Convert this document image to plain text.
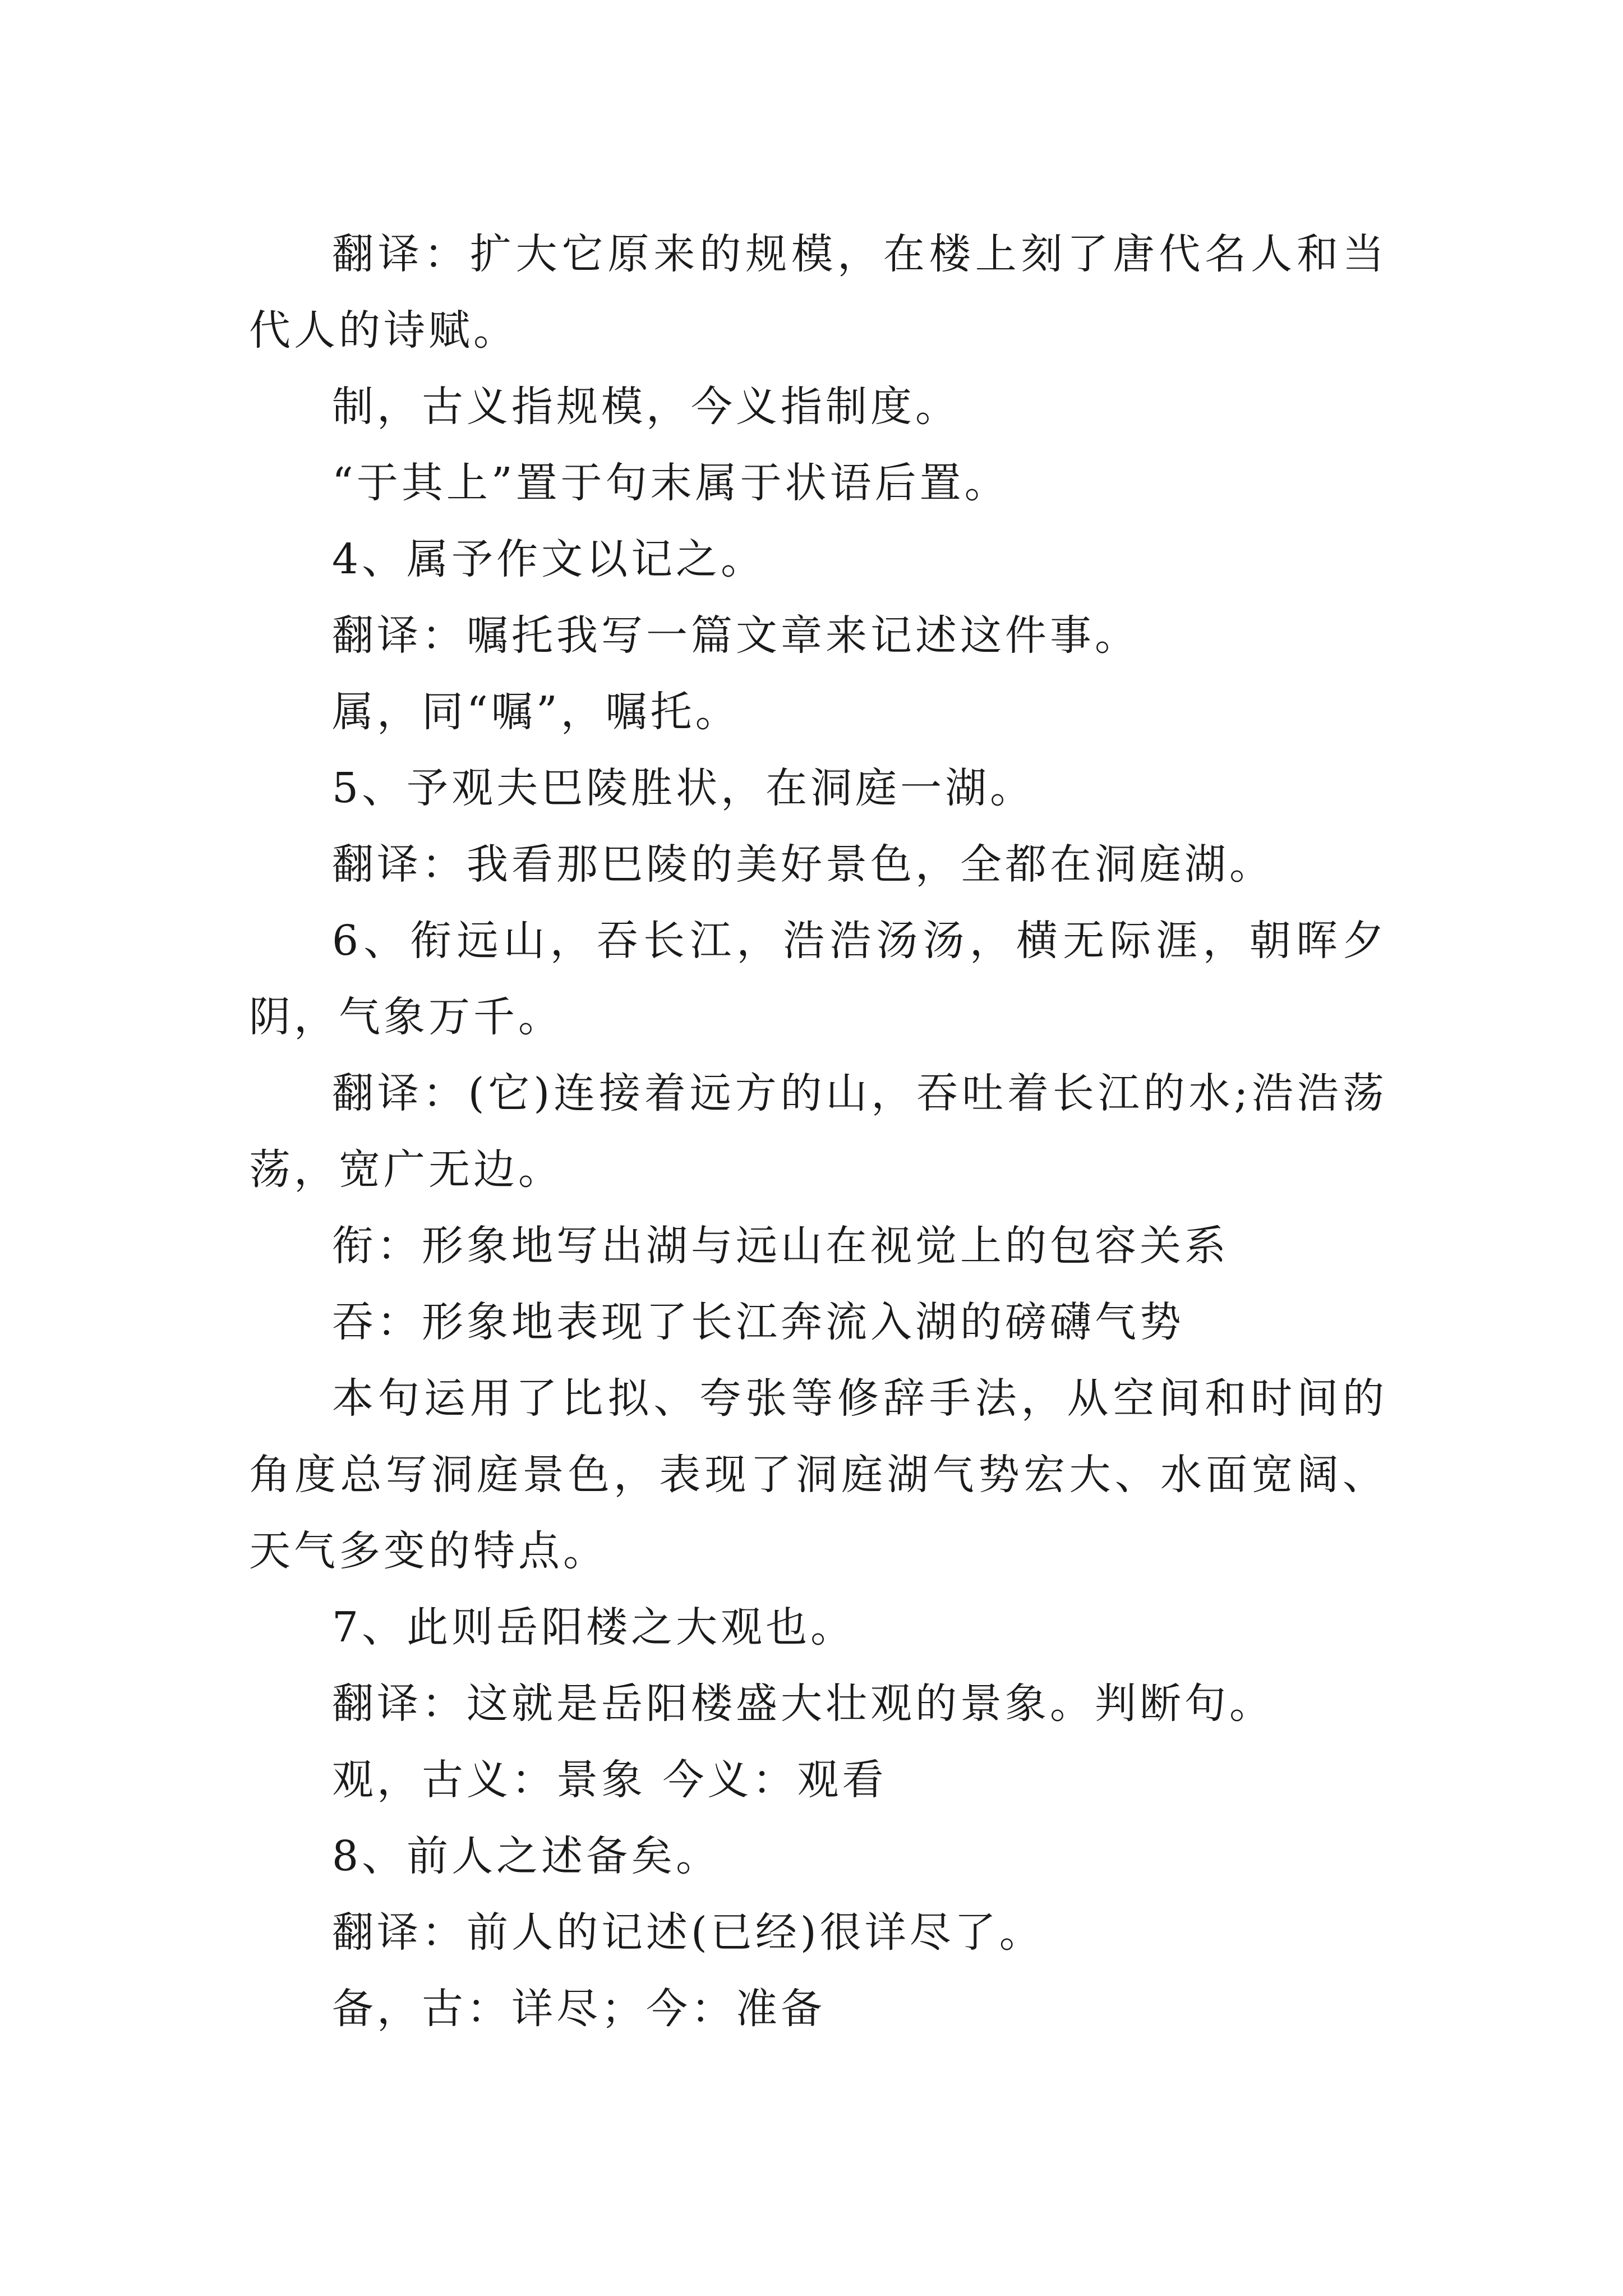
翻译：扩大它原来的规模，在楼上刻了唐代名人和当代人的诗赋。

制，古义指规模，今义指制度。

“于其上”置于句末属于状语后置。

4、属予作文以记之。

翻译：嘱托我写一篇文章来记述这件事。

属，同“嘱”，嘱托。

5、予观夫巴陵胜状，在洞庭一湖。

翻译：我看那巴陵的美好景色，全都在洞庭湖。

6、衔远山，吞长江，浩浩汤汤，横无际涯，朝晖夕阴，气象万千。

翻译：(它)连接着远方的山，吞吐着长江的水;浩浩荡荡，宽广无边。

衔：形象地写出湖与远山在视觉上的包容关系

吞：形象地表现了长江奔流入湖的磅礴气势

本句运用了比拟、夸张等修辞手法，从空间和时间的角度总写洞庭景色，表现了洞庭湖气势宏大、水面宽阔、天气多变的特点。

7、此则岳阳楼之大观也。

翻译：这就是岳阳楼盛大壮观的景象。判断句。

观，古义：景象 今义：观看

8、前人之述备矣。

翻译：前人的记述(已经)很详尽了。

备，古：详尽；今：准备
